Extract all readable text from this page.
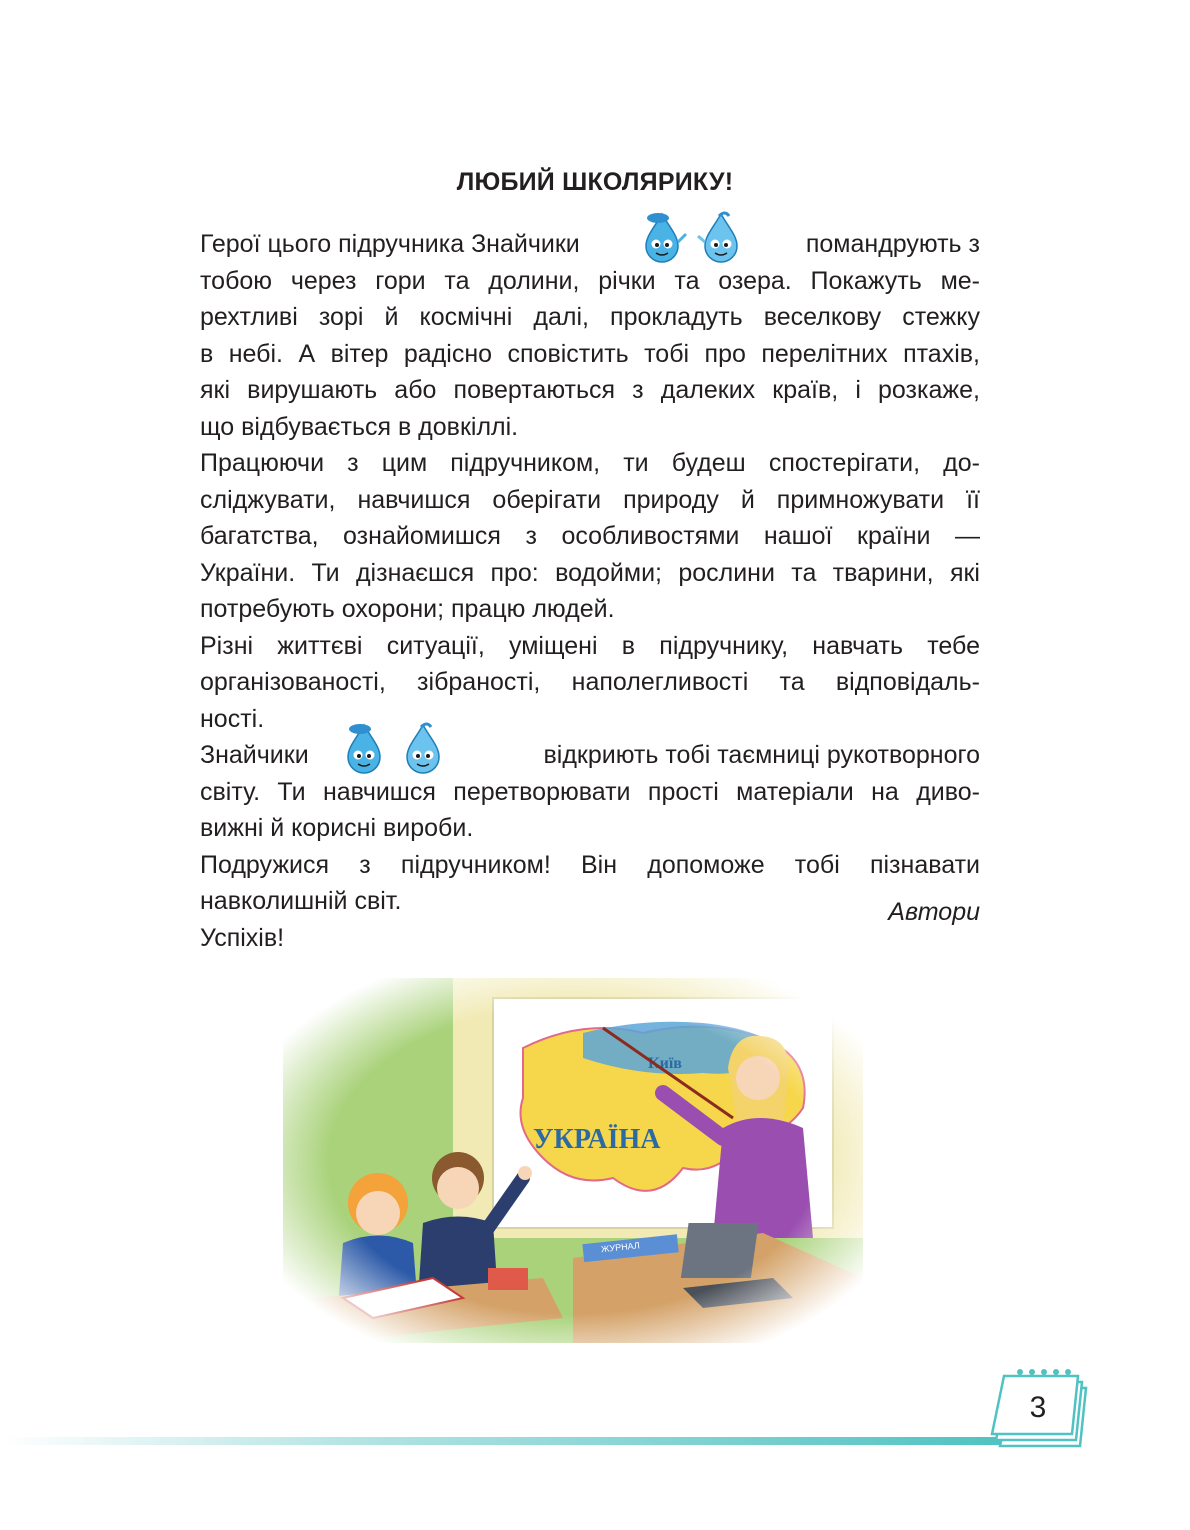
ЛЮБИЙ ШКОЛЯРИКУ!
Герої цього підручника Знайчики
	помандрують з
тобою через гори та долини, річки та озера. Покажуть ме-
рехтливі зорі й космічні далі, прокладуть веселкову стежку
в небі. А вітер радісно сповістить тобі про перелітних птахів,
які вирушають або повертаються з далеких країв, і розкаже,
що відбувається в довкіллі.
Працюючи з цим підручником, ти будеш спостерігати, до-
сліджувати, навчишся оберігати природу й примножувати її
багатства, ознайомишся з особливостями нашої країни —
України. Ти дізнаєшся про: водойми; рослини та тварини, які
потребують охорони; працю людей.
Різні життєві ситуації, уміщені в підручнику, навчать тебе
організованості, зібраності, наполегливості та відповідаль-
ності.
Знайчики
	відкриють тобі таємниці рукотворного
світу. Ти навчишся перетворювати прості матеріали на диво-
вижні й корисні вироби.
Подружися з підручником! Він допоможе тобі пізнавати
навколишній світ.
Успіхів!
Автори
3
